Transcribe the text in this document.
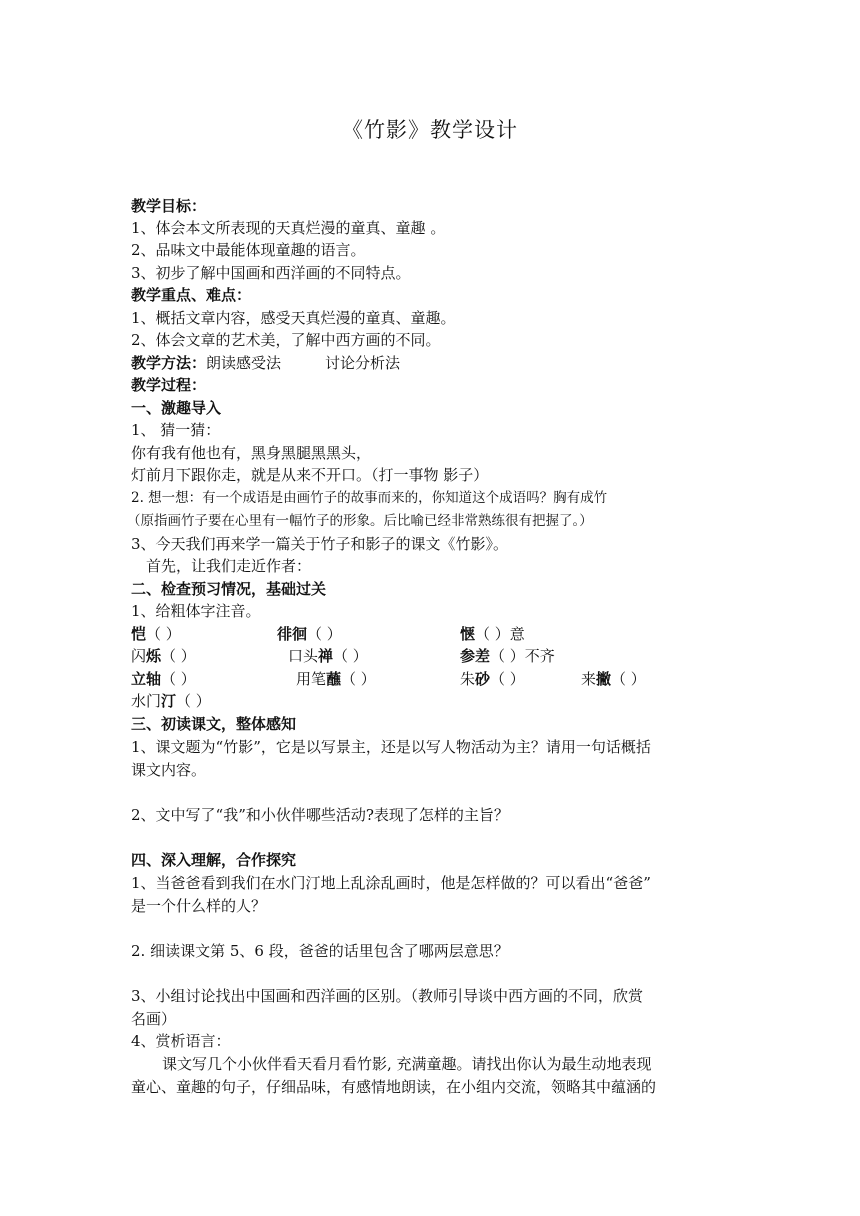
《竹影》教学设计
教学目标：
1、体会本文所表现的天真烂漫的童真、童趣 。
2、品味文中最能体现童趣的语言。
3、初步了解中国画和西洋画的不同特点。
教学重点、难点：
1、概括文章内容，感受天真烂漫的童真、童趣。
2、体会文章的艺术美，了解中西方画的不同。
教学方法：朗读感受法	讨论分析法
教学过程：
一、激趣导入
1、 猜一猜：
你有我有他也有，黑身黑腿黑黑头，
灯前月下跟你走，就是从来不开口。（打一事物 影子）
2. 想一想：有一个成语是由画竹子的故事而来的，你知道这个成语吗？胸有成竹
（原指画竹子要在心里有一幅竹子的形象。后比喻已经非常熟练很有把握了。）
3、今天我们再来学一篇关于竹子和影子的课文《竹影》。
首先，让我们走近作者：
二、检查预习情况，基础过关
1、给粗体字注音。
恺（ ）	徘徊（ ）	惬（ ）意
闪烁（ ）	口头禅（ ）	参差（ ）不齐
立轴（ ）	用笔蘸（ ）	朱砂（ ）	来撇（ ）
水门汀（ ）
三、初读课文，整体感知
1、课文题为“竹影”，它是以写景主，还是以写人物活动为主？请用一句话概括
课文内容。
2、文中写了“我”和小伙伴哪些活动?表现了怎样的主旨？
四、深入理解，合作探究
1、当爸爸看到我们在水门汀地上乱涂乱画时，他是怎样做的？可以看出“爸爸”
是一个什么样的人？
2. 细读课文第 5、6 段，爸爸的话里包含了哪两层意思？
3、小组讨论找出中国画和西洋画的区别。（教师引导谈中西方画的不同，欣赏
名画）
4、赏析语言：
课文写几个小伙伴看天看月看竹影, 充满童趣。请找出你认为最生动地表现
童心、童趣的句子，仔细品味，有感情地朗读，在小组内交流，领略其中蕴涵的
